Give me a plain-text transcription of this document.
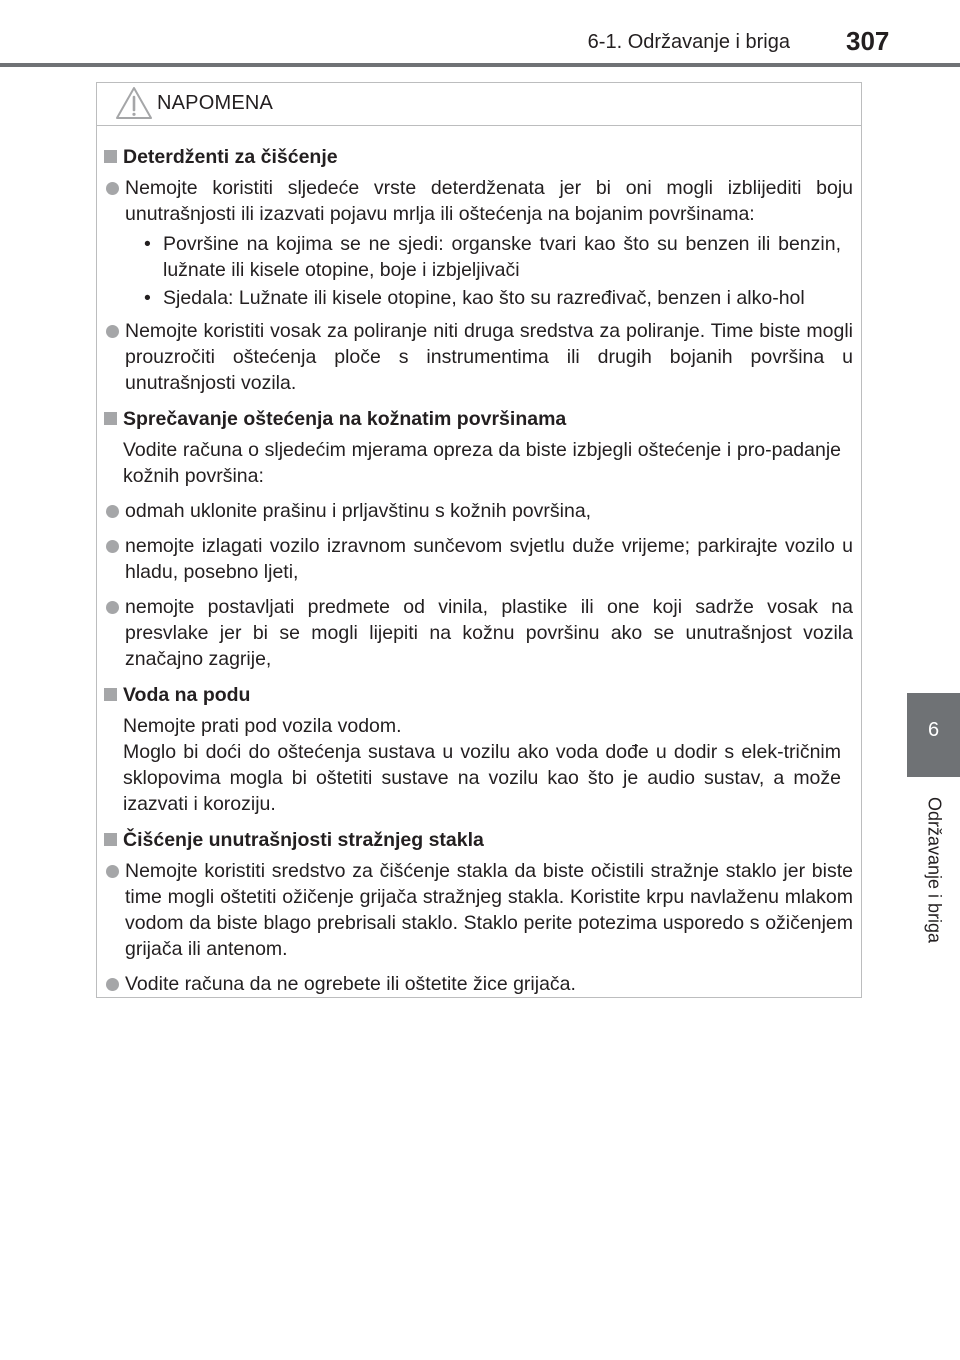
6-1. Održavanje i briga 307
6
Održavanje i briga
NAPOMENA
Deterdženti za čišćenje
Nemojte koristiti sljedeće vrste deterdženata jer bi oni mogli izblijediti boju unutrašnjosti ili izazvati pojavu mrlja ili oštećenja na bojanim površinama:
• Površine na kojima se ne sjedi: organske tvari kao što su benzen ili benzin, lužnate ili kisele otopine, boje i izbjeljivači
• Sjedala: Lužnate ili kisele otopine, kao što su razređivač, benzen i alko-hol
Nemojte koristiti vosak za poliranje niti druga sredstva za poliranje. Time biste mogli prouzročiti oštećenja ploče s instrumentima ili drugih bojanih površina u unutrašnjosti vozila.
Sprečavanje oštećenja na kožnatim površinama
Vodite računa o sljedećim mjerama opreza da biste izbjegli oštećenje i pro-padanje kožnih površina:
odmah uklonite prašinu i prljavštinu s kožnih površina,
nemojte izlagati vozilo izravnom sunčevom svjetlu duže vrijeme; parkirajte vozilo u hladu, posebno ljeti,
nemojte postavljati predmete od vinila, plastike ili one koji sadrže vosak na presvlake jer bi se mogli lijepiti na kožnu površinu ako se unutrašnjost vozila značajno zagrije,
Voda na podu
Nemojte prati pod vozila vodom.
Moglo bi doći do oštećenja sustava u vozilu ako voda dođe u dodir s elek-tričnim sklopovima mogla bi oštetiti sustave na vozilu kao što je audio sustav, a može izazvati i koroziju.
Čišćenje unutrašnjosti stražnjeg stakla
Nemojte koristiti sredstvo za čišćenje stakla da biste očistili stražnje staklo jer biste time mogli oštetiti ožičenje grijača stražnjeg stakla. Koristite krpu navlaženu mlakom vodom da biste blago prebrisali staklo. Staklo perite potezima usporedo s ožičenjem grijača ili antenom.
Vodite računa da ne ogrebete ili oštetite žice grijača.
